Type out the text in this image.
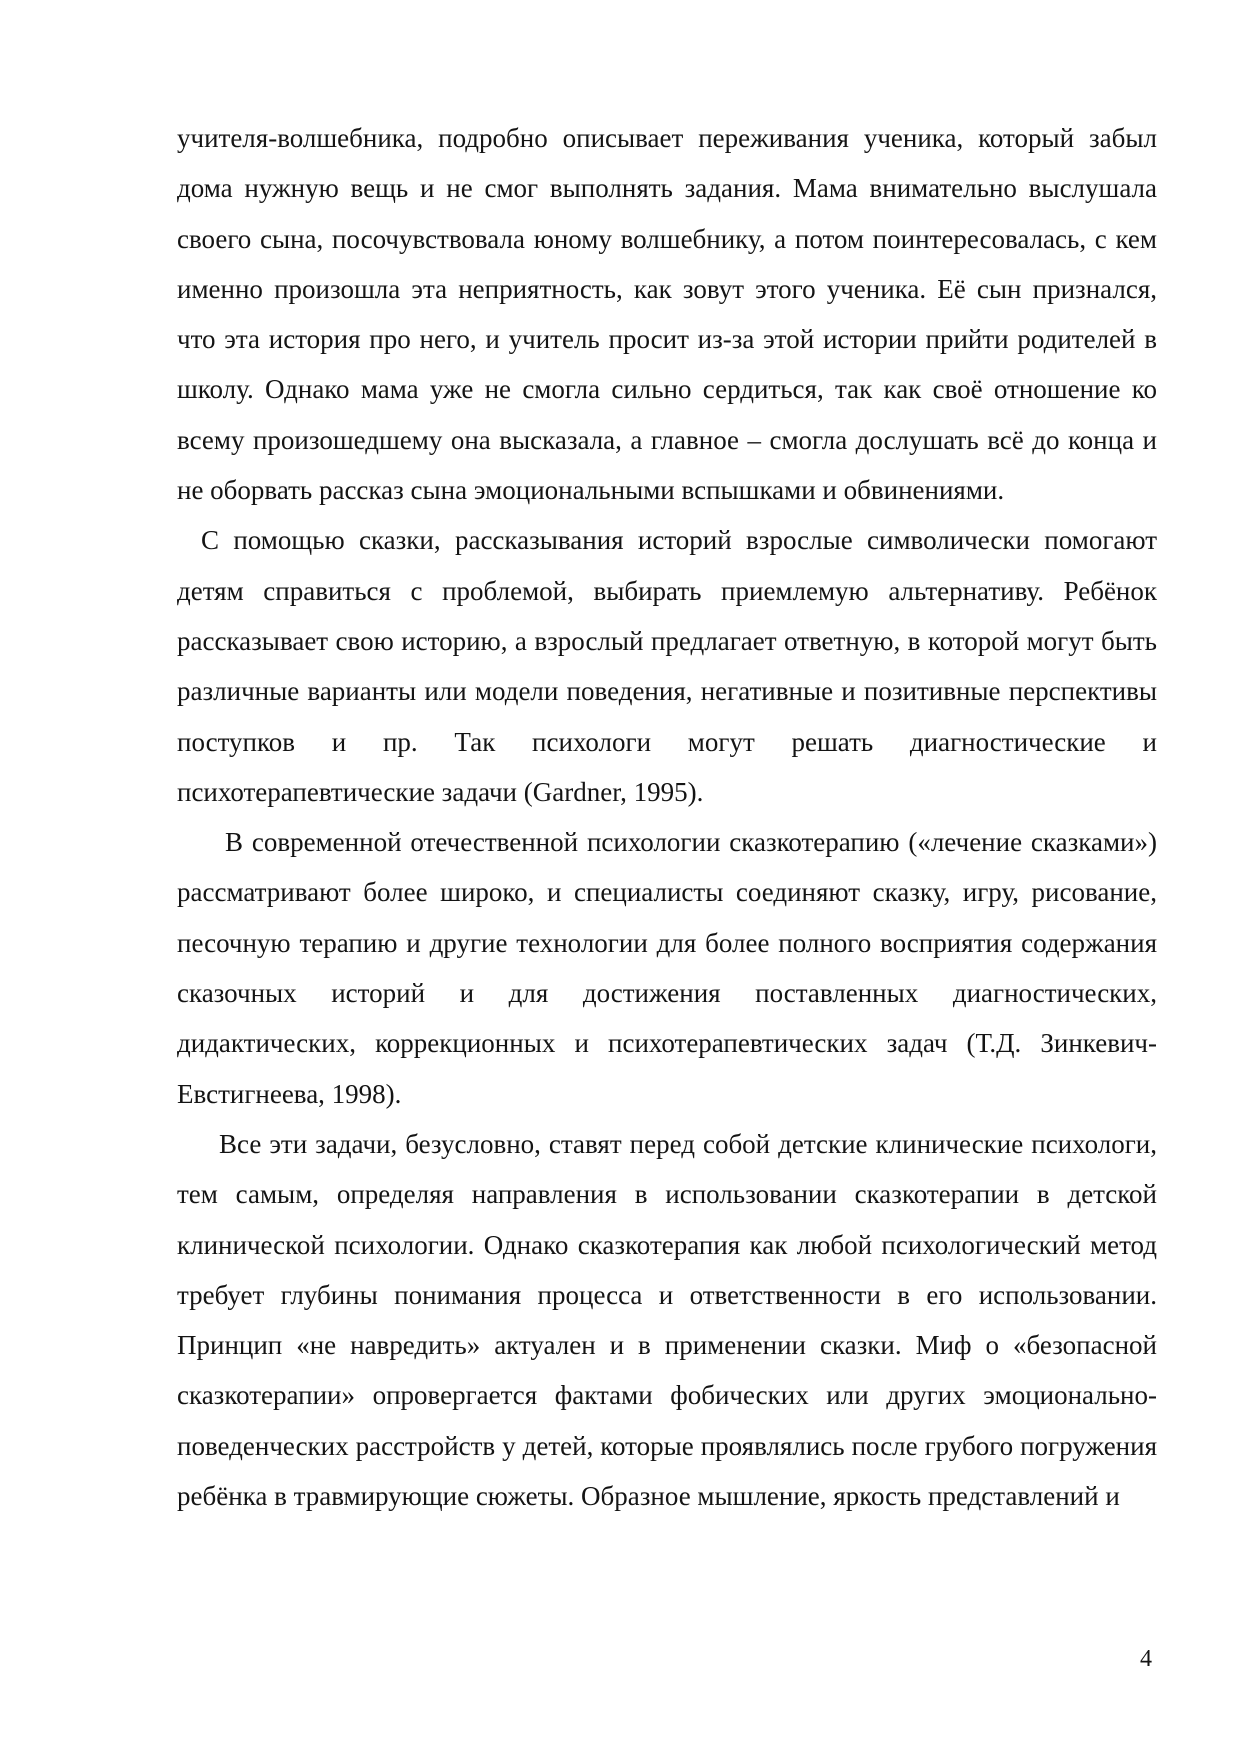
учителя-волшебника, подробно описывает переживания ученика, который забыл дома нужную вещь и не смог выполнять задания. Мама внимательно выслушала своего сына, посочувствовала юному волшебнику, а потом поинтересовалась, с кем именно произошла эта неприятность, как зовут этого ученика. Её сын признался, что эта история про него, и учитель просит из-за этой истории прийти родителей в школу. Однако мама уже не смогла сильно сердиться, так как своё отношение ко всему произошедшему она высказала, а главное – смогла дослушать всё до конца и не оборвать рассказ сына эмоциональными вспышками и обвинениями.

С помощью сказки, рассказывания историй взрослые символически помогают детям справиться с проблемой, выбирать приемлемую альтернативу. Ребёнок рассказывает свою историю, а взрослый предлагает ответную, в которой могут быть различные варианты или модели поведения, негативные и позитивные перспективы поступков и пр. Так психологи могут решать диагностические и психотерапевтические задачи (Gardner, 1995).

В современной отечественной психологии сказкотерапию («лечение сказками») рассматривают более широко, и специалисты соединяют сказку, игру, рисование, песочную терапию и другие технологии для более полного восприятия содержания сказочных историй и для достижения поставленных диагностических, дидактических, коррекционных и психотерапевтических задач (Т.Д. Зинкевич-Евстигнеева, 1998).

Все эти задачи, безусловно, ставят перед собой детские клинические психологи, тем самым, определяя направления в использовании сказкотерапии в детской клинической психологии. Однако сказкотерапия как любой психологический метод требует глубины понимания процесса и ответственности в его использовании. Принцип «не навредить» актуален и в применении сказки. Миф о «безопасной сказкотерапии» опровергается фактами фобических или других эмоционально-поведенческих расстройств у детей, которые проявлялись после грубого погружения ребёнка в травмирующие сюжеты. Образное мышление, яркость представлений и

4
